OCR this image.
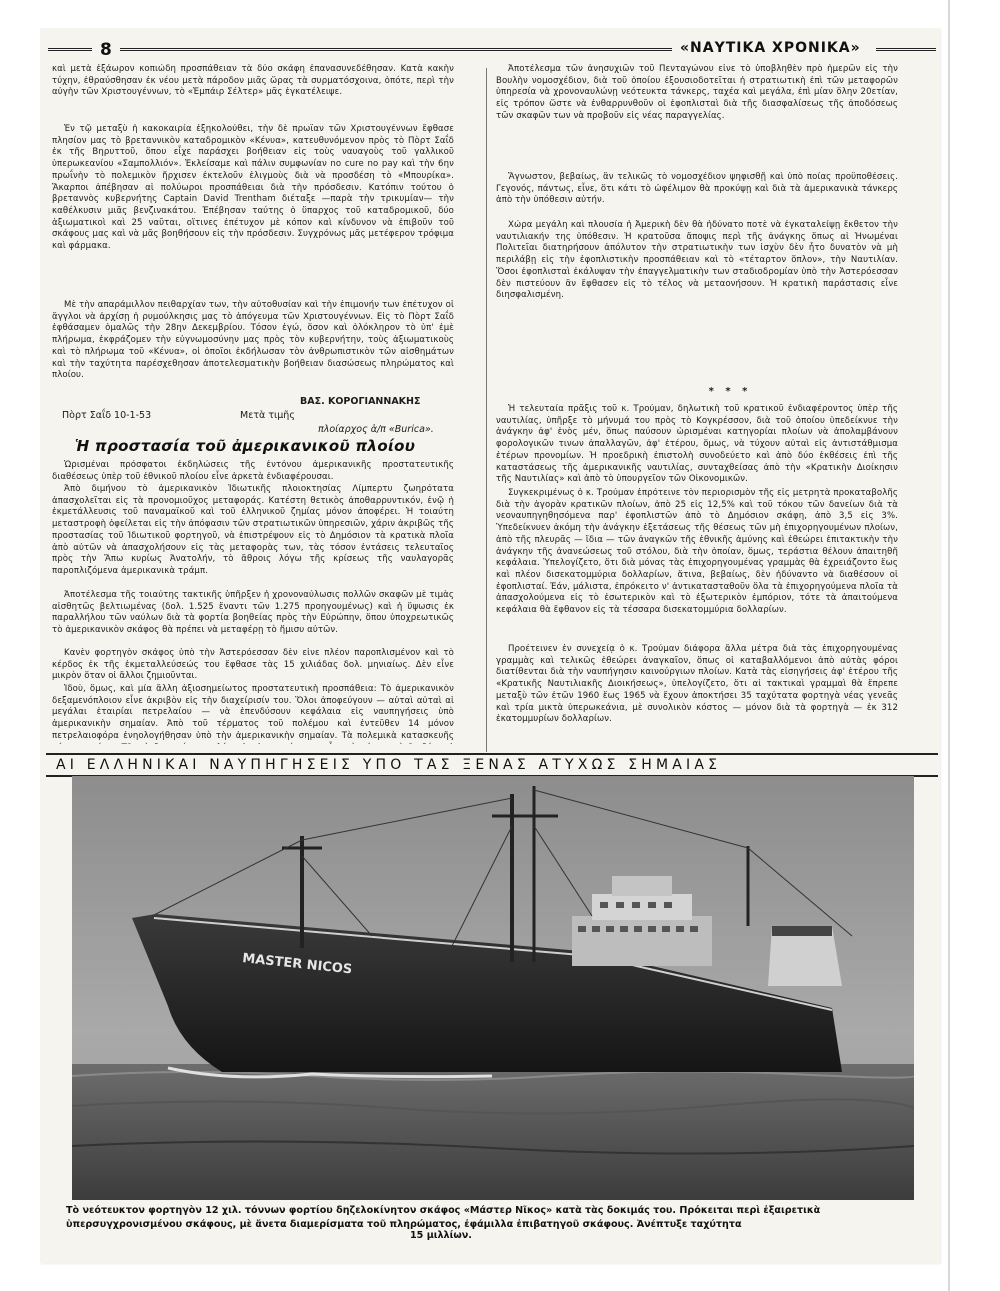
8	«ΝΑΥΤΙΚΑ ΧΡΟΝΙΚΑ»

καὶ μετὰ ἐξάωρον κοπιώδη προσπάθειαν τὰ δύο σκάφη ἐπανασυνεδέθησαν. Κατὰ κακὴν τύχην, ἐθραύσθησαν ἐκ νέου μετὰ πάροδον μιᾶς ὥρας τὰ συρματόσχοινα, ὁπότε, περὶ τὴν αὐγὴν τῶν Χριστουγέννων, τὸ «Ἐμπάιρ Σέλτερ» μᾶς ἐγκατέλειψε.

Ἐν τῷ μεταξὺ ἡ κακοκαιρία ἐξηκολούθει, τὴν δὲ πρωΐαν τῶν Χριστουγέννων ἔφθασε πλησίον μας τὸ βρεταννικὸν καταδρομικὸν «Κένυα», κατευθυνόμενον πρὸς τὸ Πὸρτ Σαΐδ ἐκ τῆς Βηρυττοῦ, ὅπου εἶχε παράσχει βοήθειαν εἰς τοὺς ναυαγοὺς τοῦ γαλλικοῦ ὑπερωκεανίου «Σαμπολλιόν». Ἐκλείσαμε καὶ πάλιν συμφωνίαν no cure no pay καὶ τὴν 6ην πρωΐνὴν τὸ πολεμικὸν ἤρχισεν ἐκτελοῦν ἑλιγμοὺς διὰ νὰ προσδέση τὸ «Μπουρίκα». Ἄκαρποι ἀπέβησαν αἱ πολύωροι προσπάθειαι διὰ τὴν πρόσδεσιν. Κατόπιν τούτου ὁ βρεταννὸς κυβερνήτης Captain David Trentham διέταξε —παρὰ τὴν τρικυμίαν— τὴν καθέλκυσιν μιᾶς βενζινακάτου. Ἐπέβησαν ταύτης ὁ ὕπαρχος τοῦ καταδρομικοῦ, δύο ἀξιωματικοὶ καὶ 25 ναῦται, οἵτινες ἐπέτυχον μὲ κόπον καὶ κίνδυνον νὰ ἐπιβοῦν τοῦ σκάφους μας καὶ νὰ μᾶς βοηθήσουν εἰς τὴν πρόσδεσιν. Συγχρόνως μᾶς μετέφερον τρόφιμα καὶ φάρμακα.

Μὲ τὴν απαράμιλλον πειθαρχίαν των, τὴν αὐτοθυσίαν καὶ τὴν ἐπιμονήν των ἐπέτυχον οἱ ἄγγλοι νὰ ἀρχίσῃ ἡ ρυμούλκησις μας τὸ ἀπόγευμα τῶν Χριστουγέννων. Εἰς τὸ Πὸρτ Σαΐδ ἐφθάσαμεν ὁμαλῶς τὴν 28ην Δεκεμβρίου. Τόσον ἐγώ, ὅσον καὶ ὁλόκληρον τὸ ὑπ' ἐμὲ πλήρωμα, ἐκφράζομεν τὴν εὐγνωμοσύνην μας πρὸς τὸν κυβερνήτην, τοὺς ἀξιωματικοὺς καὶ τὸ πλήρωμα τοῦ «Κένυα», οἱ ὁποῖοι ἐκδήλωσαν τὸν ἀνθρωπιστικὸν τῶν αἰσθημάτων καὶ τὴν ταχύτητα παρέσχεθησαν ἀποτελεσματικὴν βοήθειαν διασώσεως πληρώματος καὶ πλοίου.

Πὸρτ Σαΐδ 10-1-53	Μετὰ τιμῆς
ΒΑΣ. ΚΟΡΟΓΙΑΝΝΑΚΗΣ
πλοίαρχος ἁ/π «Burica».
Ἡ προστασία τοῦ ἀμερικανικοῦ πλοίου

Ὡρισμέναι πρόσφατοι ἐκδηλώσεις τῆς ἐντόνου ἀμερικανικῆς προστατευτικῆς διαθέσεως ὑπὲρ τοῦ ἐθνικοῦ πλοίου εἶνε ἀρκετὰ ἐνδιαφέρουσαι.

Ἀπὸ διμήνου τὸ ἀμερικανικὸν Ἰδιωτικῆς πλοιοκτησίας Λίμπερτυ ζωηρότατα ἀπασχολεῖται εἰς τὰ προνομιοῦχος μεταφοράς. Κατέστη θετικὸς ἀποθαρρυντικόν, ἐνῷ ἡ ἐκμετάλλευσις τοῦ παναμαϊκοῦ καὶ τοῦ ἑλληνικοῦ ζημίας μόνον ἀποφέρει. Ἡ τοιαύτη μεταστροφὴ ὀφείλεται εἰς τὴν ἀπόφασιν τῶν στρατιωτικῶν ὑπηρεσιῶν, χάριν ἀκριβῶς τῆς προστασίας τοῦ Ἰδιωτικοῦ φορτηγοῦ, νὰ ἐπιστρέψουν εἰς τὸ Δημόσιον τὰ κρατικὰ πλοῖα ἀπὸ αὐτῶν νὰ ἀπασχολήσουν εἰς τὰς μεταφορὰς των, τὰς τόσον ἐντάσεις τελευταῖος πρὸς τὴν Ἄπω κυρίως Ἀνατολήν, τὸ ἄθροις λόγω τῆς κρίσεως τῆς ναυλαγορᾶς παροπλιζόμενα ἀμερικανικὰ τράμπ.

Ἀποτέλεσμα τῆς τοιαύτης τακτικῆς ὑπῆρξεν ἡ χρονοναύλωσις πολλῶν σκαφῶν μὲ τιμὰς αἰσθητῶς βελτιωμένας (δολ. 1.525 ἔναντι τῶν 1.275 προηγουμένως) καὶ ἡ ὕψωσις ἐκ παραλλήλου τῶν ναύλων διὰ τὰ φορτία βοηθείας πρὸς τὴν Εὐρώπην, ὅπου ὑποχρεωτικῶς τὸ ἀμερικανικὸν σκάφος θὰ πρέπει νὰ μεταφέρῃ τὸ ἥμισυ αὐτῶν.

Κανὲν φορτηγὸν σκάφος ὑπὸ τὴν Ἀστερόεσσαν δὲν εἶνε πλέον παροπλισμένον καὶ τὸ κέρδος ἐκ τῆς ἐκμεταλλεύσεώς του ἔφθασε τὰς 15 χιλιάδας δολ. μηνιαίως. Δὲν εἶνε μικρὸν ὅταν οἱ ἄλλοι ζημιοῦνται.

Ἰδοὺ, ὅμως, καὶ μία ἄλλη ἀξιοσημείωτος προστατευτικὴ προσπάθεια: Τὸ ἀμερικανικὸν δεξαμενόπλοιον εἶνε ἀκριβὸν εἰς τὴν διαχείρισίν του. Ὅλοι ἀποφεύγουν — αὐταὶ αὐταὶ αἱ μεγάλαι ἑταιρίαι πετρελαίου — νὰ ἐπενδύσουν κεφάλαια εἰς ναυπηγήσεις ὑπὸ ἀμερικανικὴν σημαίαν. Ἀπὸ τοῦ τέρματος τοῦ πολέμου καὶ ἐντεῦθεν 14 μόνον πετρελαιοφόρα ἐνηολογήθησαν ὑπὸ τὴν ἀμερικανικὴν σημαίαν. Τὰ πολεμικὰ κατασκευῆς

Ἀποτέλεσμα τῶν ἀνησυχιῶν τοῦ Πενταγώνου εἶνε τὸ ὑποβληθὲν πρὸ ἡμερῶν εἰς τὴν Βουλὴν νομοσχέδιον, διὰ τοῦ ὁποίου ἐξουσιοδοτεῖται ἡ στρατιωτικὴ ἐπὶ τῶν μεταφορῶν ὑπηρεσία νὰ χρονοναυλώνῃ νεότευκτα τάνκερς, ταχέα καὶ μεγάλα, ἐπὶ μίαν ὅλην 20ετίαν, εἰς τρόπον ὥστε νὰ ἐνθαρρυνθοῦν οἱ ἐφοπλισταὶ διὰ τῆς διασφαλίσεως τῆς ἀποδόσεως τῶν σκαφῶν των νὰ προβοῦν εἰς νέας παραγγελίας.

Ἄγνωστον, βεβαίως, ἂν τελικῶς τὸ νομοσχέδιον ψηφισθῇ καὶ ὑπὸ ποίας προϋποθέσεις. Γεγονός, πάντως, εἶνε, ὅτι κάτι τὸ ὠφέλιμον θὰ προκύψῃ καὶ διὰ τὰ ἀμερικανικὰ τάνκερς ἀπὸ τὴν ὑπόθεσιν αὐτήν.

Χώρα μεγάλη καὶ πλουσία ἡ Ἀμερικὴ δὲν θὰ ἠδύνατο ποτὲ νὰ ἐγκαταλείψῃ ἔκθετον τὴν ναυτιλιακήν της ὑπόθεσιν. Ἡ κρατοῦσα ἄποψις περὶ τῆς ἀνάγκης ὅπως αἱ Ἡνωμέναι Πολιτεῖαι διατηρήσουν ἀπόλυτον τὴν στρατιωτικὴν των ἰσχὺν δὲν ἦτο δυνατὸν νὰ μὴ περιλάβῃ εἰς τὴν ἐφοπλιστικὴν προσπάθειαν καὶ τὸ «τέταρτον ὅπλον», τὴν Ναυτιλίαν. Ὅσοι ἐφοπλισταὶ ἐκάλυψαν τὴν ἐπαγγελματικὴν των σταδιοδρομίαν ὑπὸ τὴν Ἀστερόεσσαν δὲν πιστεύουν ἂν ἔφθασεν εἰς τὸ τέλος νὰ μεταονήσουν. Ἡ κρατικὴ παράστασις εἶνε διησφαλισμένη.

* * *

Ἡ τελευταία πρᾶξις τοῦ κ. Τρούμαν, δηλωτικὴ τοῦ κρατικοῦ ἐνδιαφέροντος ὑπὲρ τῆς ναυτιλίας, ὑπῆρξε τὸ μήνυμά του πρὸς τὸ Κογκρέσσον, διὰ τοῦ ὁποίου ὑπεδείκνυε τὴν ἀνάγκην ἀφ' ἑνὸς μέν, ὅπως παύσουν ὡρισμέναι κατηγορίαι πλοίων νὰ ἀπολαμβάνουν φορολογικῶν τινων ἀπαλλαγῶν, ἀφ' ἑτέρου, ὅμως, νὰ τύχουν αὐταὶ εἰς ἀντιστάθμισμα ἑτέρων προνομίων. Ἡ προεδρικὴ ἐπιστολὴ συνοδεύετο καὶ ἀπὸ δύο ἐκθέσεις ἐπὶ τῆς καταστάσεως τῆς ἀμερικανικῆς ναυτιλίας, συνταχθείσας ἀπὸ τὴν «Κρατικὴν Διοίκησιν τῆς Ναυτιλίας» καὶ ἀπὸ τὸ ὑπουργεῖον τῶν Οἰκονομικῶν.

Συγκεκριμένως ὁ κ. Τρούμαν ἐπρότεινε τὸν περιορισμὸν τῆς εἰς μετρητὰ προκαταβολῆς διὰ τὴν ἀγορὰν κρατικῶν πλοίων, ἀπὸ 25 εἰς 12,5% καὶ τοῦ τόκου τῶν δανείων διὰ τὰ νεοναυπηγηθησόμενα παρ' ἐφοπλιστῶν ἀπὸ τὸ Δημόσιον σκάφη, ἀπὸ 3,5 εἰς 3%. Ὑπεδείκνυεν ἀκόμη τὴν ἀνάγκην ἐξετάσεως τῆς θέσεως τῶν μὴ ἐπιχορηγουμένων πλοίων, ἀπὸ τῆς πλευρᾶς — ἴδια — τῶν ἀναγκῶν τῆς ἐθνικῆς ἀμύνης καὶ ἐθεώρει ἐπιτακτικὴν τὴν ἀνάγκην τῆς ἀνανεώσεως τοῦ στόλου, διὰ τὴν ὁποίαν, ὅμως, τεράστια θέλουν ἀπαιτηθῆ κεφάλαια. Ὑπελογίζετο, ὅτι διὰ μόνας τὰς ἐπιχορηγουμένας γραμμὰς θὰ ἐχρειάζοντο ἕως καὶ πλέον δισεκατομμύρια δολλαρίων, ἅτινα, βεβαίως, δὲν ἠδύναντο νὰ διαθέσουν οἱ ἐφοπλισταί. Ἐάν, μάλιστα, ἐπρόκειτο ν' ἀντικατασταθοῦν ὅλα τὰ ἐπιχορηγούμενα πλοῖα τὰ ἀπασχολούμενα εἰς τὸ ἐσωτερικὸν καὶ τὸ ἐξωτερικὸν ἐμπόριον, τότε τὰ ἀπαιτούμενα κεφάλαια θὰ ἔφθανον εἰς τὰ τέσσαρα δισεκατομμύρια δολλαρίων.

Προέτεινεν ἐν συνεχείᾳ ὁ κ. Τρούμαν διάφορα ἄλλα μέτρα διὰ τὰς ἐπιχορηγουμένας γραμμὰς καὶ τελικῶς ἐθεώρει ἀναγκαῖον, ὅπως οἱ καταβαλλόμενοι ἀπὸ αὐτὰς φόροι διατίθενται διὰ τὴν ναυπήγησιν καινούργιων πλοίων. Κατὰ τὰς εἰσηγήσεις ἀφ' ἑτέρου τῆς «Κρατικῆς Ναυτιλιακῆς Διοικήσεως», ὑπελογίζετο, ὅτι αἱ τακτικαὶ γραμμαὶ θὰ ἔπρεπε μεταξὺ τῶν ἐτῶν 1960 ἕως 1965 νὰ ἔχουν ἀποκτήσει 35 ταχύτατα φορτηγὰ νέας γενεᾶς καὶ τρία μικτὰ ὑπερωκεάνια, μὲ συνολικὸν κόστος — μόνον διὰ τὰ φορτηγὰ — ἐκ 312 ἑκατομμυρίων δολλαρίων.

ΑΙ ΕΛΛΗΝΙΚΑΙ ΝΑΥΠΗΓΗΣΕΙΣ ΥΠΟ ΤΑΣ ΞΕΝΑΣ ΑΤΥΧΩΣ ΣΗΜΑΙΑΣ
MASTER NICOS
Τὸ νεότευκτον φορτηγὸν 12 χιλ. τόννων φορτίου δηζελοκίνητον σκάφος «Μάστερ Νῖκος» κατὰ τὰς δοκιμάς του. Πρόκειται περὶ ἐξαιρετικὰ ὑπερσυγχρονισμένου σκάφους, μὲ ἄνετα διαμερίσματα τοῦ πληρώματος, ἐφάμιλλα ἐπιβατηγοῦ σκάφους. Ἀνέπτυξε ταχύτητα
15 μιλλίων.
